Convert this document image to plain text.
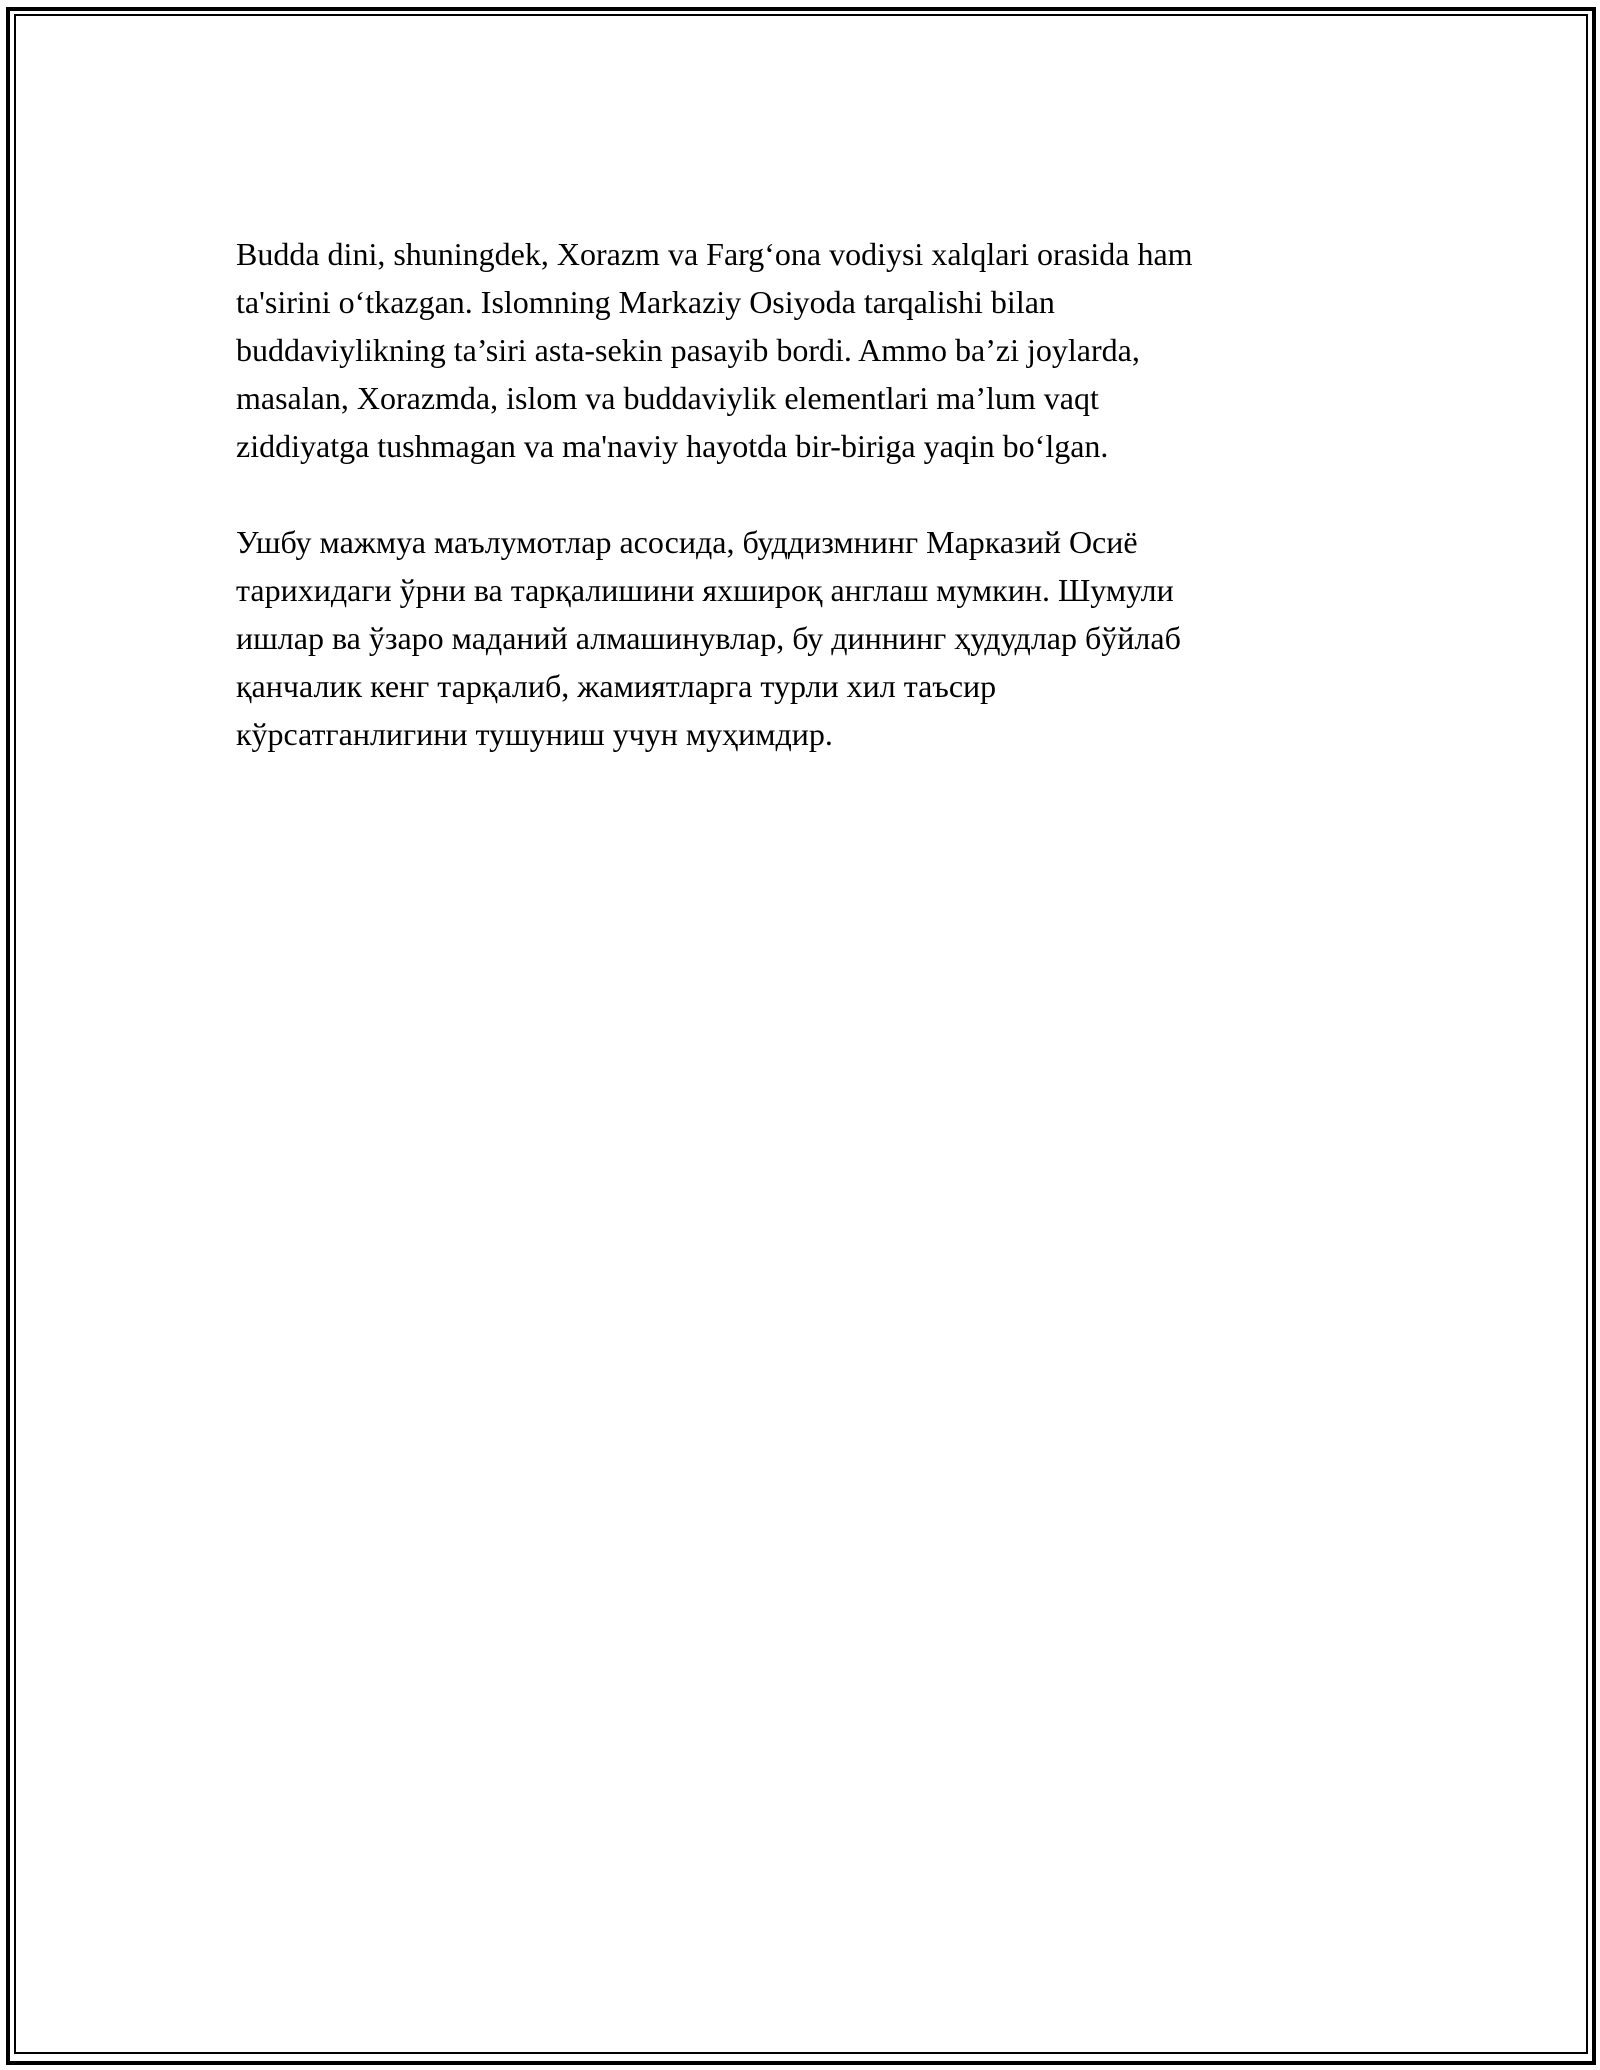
Budda dini, shuningdek, Xorazm va Farg‘ona vodiysi xalqlari orasida ham
ta'sirini o‘tkazgan. Islomning Markaziy Osiyoda tarqalishi bilan
buddaviylikning ta’siri asta-sekin pasayib bordi. Ammo ba’zi joylarda,
masalan, Xorazmda, islom va buddaviylik elementlari ma’lum vaqt
ziddiyatga tushmagan va ma'naviy hayotda bir-biriga yaqin bo‘lgan.

Ушбу мажмуа маълумотлар асосида, буддизмнинг Марказий Осиё
тарихидаги ўрни ва тарқалишини яхшироқ англаш мумкин. Шумули
ишлар ва ўзаро маданий алмашинувлар, бу диннинг ҳудудлар бўйлаб
қанчалик кенг тарқалиб, жамиятларга турли хил таъсир
кўрсатганлигини тушуниш учун муҳимдир.
